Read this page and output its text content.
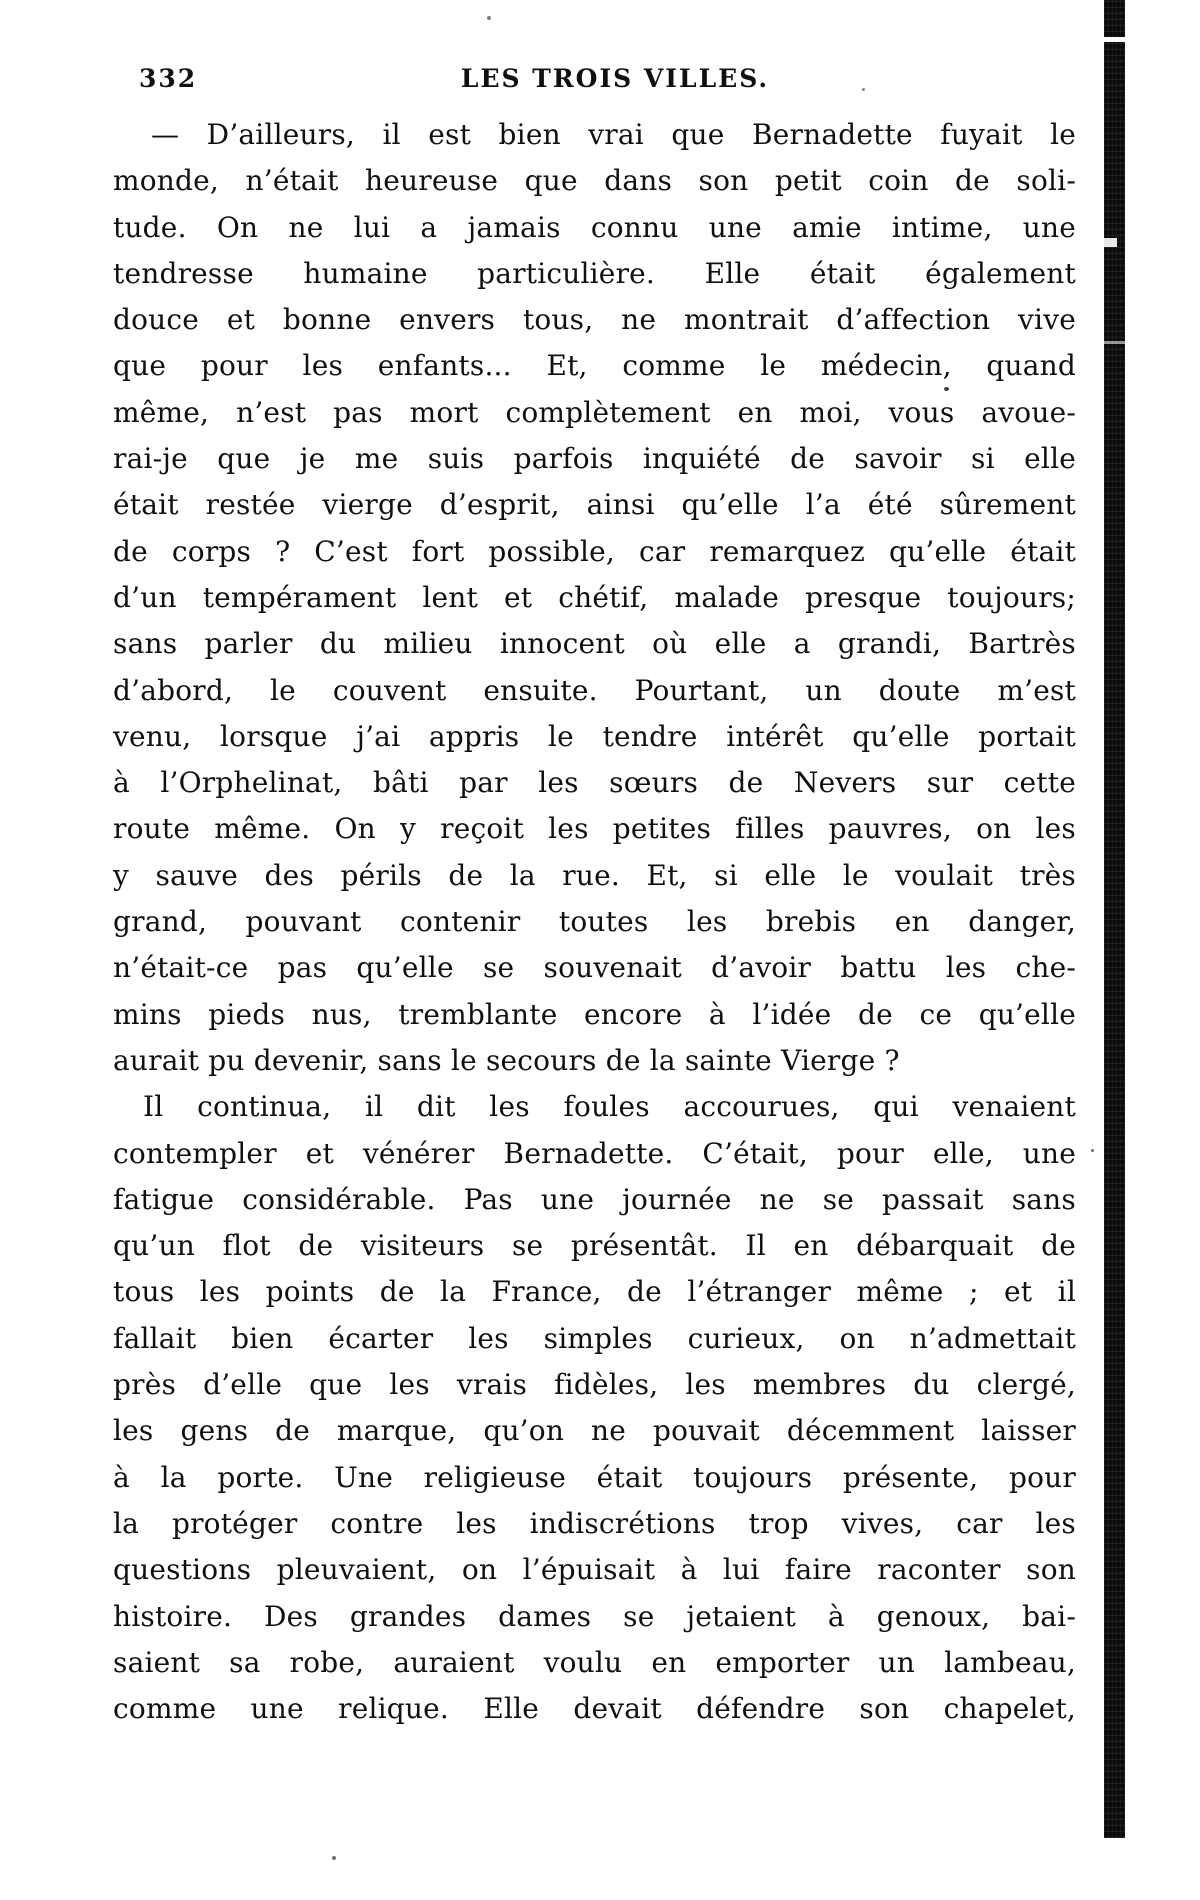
332	LES TROIS VILLES.
— D’ailleurs, il est bien vrai que Bernadette fuyait le
monde, n’était heureuse que dans son petit coin de soli-
tude. On ne lui a jamais connu une amie intime, une
tendresse humaine particulière. Elle était également
douce et bonne envers tous, ne montrait d’affection vive
que pour les enfants... Et, comme le médecin, quand
même, n’est pas mort complètement en moi, vous avoue-
rai-je que je me suis parfois inquiété de savoir si elle
était restée vierge d’esprit, ainsi qu’elle l’a été sûrement
de corps ? C’est fort possible, car remarquez qu’elle était
d’un tempérament lent et chétif, malade presque toujours;
sans parler du milieu innocent où elle a grandi, Bartrès
d’abord, le couvent ensuite. Pourtant, un doute m’est
venu, lorsque j’ai appris le tendre intérêt qu’elle portait
à l’Orphelinat, bâti par les sœurs de Nevers sur cette
route même. On y reçoit les petites filles pauvres, on les
y sauve des périls de la rue. Et, si elle le voulait très
grand, pouvant contenir toutes les brebis en danger,
n’était-ce pas qu’elle se souvenait d’avoir battu les che-
mins pieds nus, tremblante encore à l’idée de ce qu’elle
aurait pu devenir, sans le secours de la sainte Vierge ?
Il continua, il dit les foules accourues, qui venaient
contempler et vénérer Bernadette. C’était, pour elle, une
fatigue considérable. Pas une journée ne se passait sans
qu’un flot de visiteurs se présentât. Il en débarquait de
tous les points de la France, de l’étranger même ; et il
fallait bien écarter les simples curieux, on n’admettait
près d’elle que les vrais fidèles, les membres du clergé,
les gens de marque, qu’on ne pouvait décemment laisser
à la porte. Une religieuse était toujours présente, pour
la protéger contre les indiscrétions trop vives, car les
questions pleuvaient, on l’épuisait à lui faire raconter son
histoire. Des grandes dames se jetaient à genoux, bai-
saient sa robe, auraient voulu en emporter un lambeau,
comme une relique. Elle devait défendre son chapelet,
